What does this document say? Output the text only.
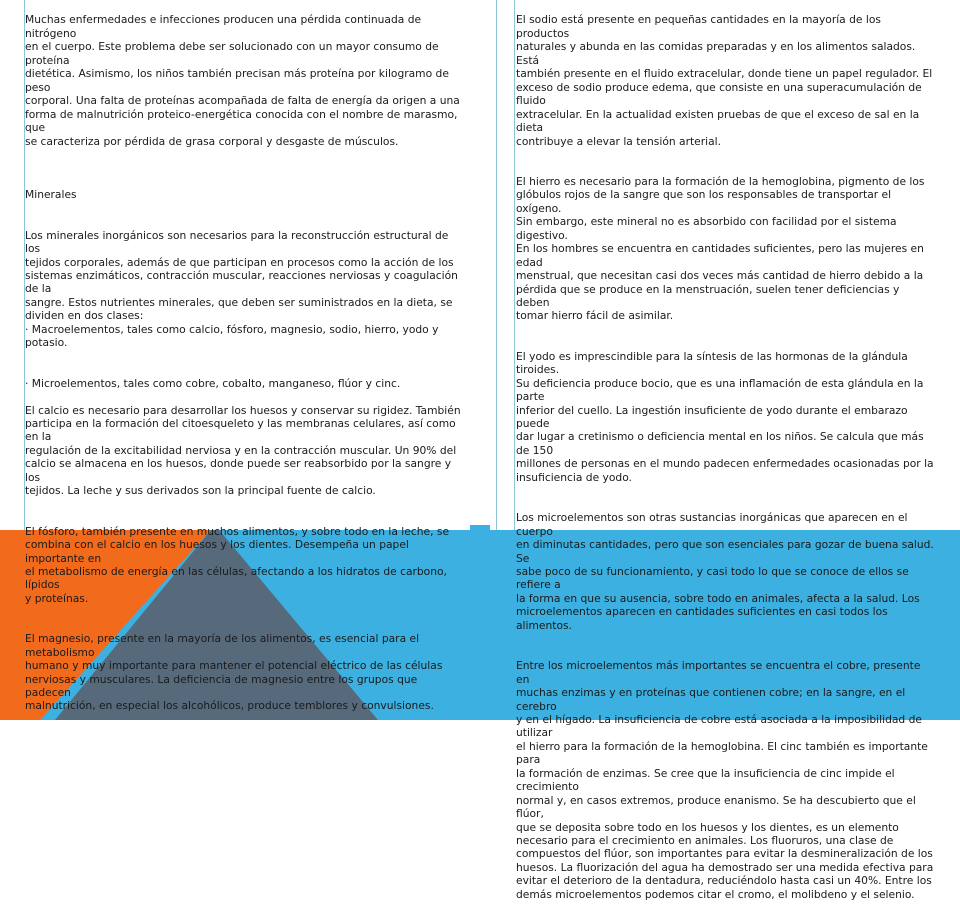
Muchas enfermedades e infecciones producen una pérdida continuada de nitrógeno
en el cuerpo. Este problema debe ser solucionado con un mayor consumo de proteína
dietética. Asimismo, los niños también precisan más proteína por kilogramo de peso
corporal. Una falta de proteínas acompañada de falta de energía da origen a una
forma de malnutrición proteico-energética conocida con el nombre de marasmo, que
se caracteriza por pérdida de grasa corporal y desgaste de músculos.

Minerales

Los minerales inorgánicos son necesarios para la reconstrucción estructural de los
tejidos corporales, además de que participan en procesos como la acción de los
sistemas enzimáticos, contracción muscular, reacciones nerviosas y coagulación de la
sangre. Estos nutrientes minerales, que deben ser suministrados en la dieta, se
dividen en dos clases:
· Macroelementos, tales como calcio, fósforo, magnesio, sodio, hierro, yodo y
potasio.

· Microelementos, tales como cobre, cobalto, manganeso, flúor y cinc.

El calcio es necesario para desarrollar los huesos y conservar su rigidez. También
participa en la formación del citoesqueleto y las membranas celulares, así como en la
regulación de la excitabilidad nerviosa y en la contracción muscular. Un 90% del
calcio se almacena en los huesos, donde puede ser reabsorbido por la sangre y los
tejidos. La leche y sus derivados son la principal fuente de calcio.

El fósforo, también presente en muchos alimentos, y sobre todo en la leche, se
combina con el calcio en los huesos y los dientes. Desempeña un papel importante en
el metabolismo de energía en las células, afectando a los hidratos de carbono, lípidos
y proteínas.

El magnesio, presente en la mayoría de los alimentos, es esencial para el metabolismo
humano y muy importante para mantener el potencial eléctrico de las células
nerviosas y musculares. La deficiencia de magnesio entre los grupos que padecen
malnutrición, en especial los alcohólicos, produce temblores y convulsiones.

El sodio está presente en pequeñas cantidades en la mayoría de los productos
naturales y abunda en las comidas preparadas y en los alimentos salados. Está
también presente en el fluido extracelular, donde tiene un papel regulador. El
exceso de sodio produce edema, que consiste en una superacumulación de fluido
extracelular. En la actualidad existen pruebas de que el exceso de sal en la dieta
contribuye a elevar la tensión arterial.

El hierro es necesario para la formación de la hemoglobina, pigmento de los
glóbulos rojos de la sangre que son los responsables de transportar el oxígeno.
Sin embargo, este mineral no es absorbido con facilidad por el sistema digestivo.
En los hombres se encuentra en cantidades suficientes, pero las mujeres en edad
menstrual, que necesitan casi dos veces más cantidad de hierro debido a la
pérdida que se produce en la menstruación, suelen tener deficiencias y deben
tomar hierro fácil de asimilar.

El yodo es imprescindible para la síntesis de las hormonas de la glándula tiroides.
Su deficiencia produce bocio, que es una inflamación de esta glándula en la parte
inferior del cuello. La ingestión insuficiente de yodo durante el embarazo puede
dar lugar a cretinismo o deficiencia mental en los niños. Se calcula que más de 150
millones de personas en el mundo padecen enfermedades ocasionadas por la
insuficiencia de yodo.

Los microelementos son otras sustancias inorgánicas que aparecen en el cuerpo
en diminutas cantidades, pero que son esenciales para gozar de buena salud. Se
sabe poco de su funcionamiento, y casi todo lo que se conoce de ellos se refiere a
la forma en que su ausencia, sobre todo en animales, afecta a la salud. Los
microelementos aparecen en cantidades suficientes en casi todos los alimentos.

Entre los microelementos más importantes se encuentra el cobre, presente en
muchas enzimas y en proteínas que contienen cobre; en la sangre, en el cerebro
y en el hígado. La insuficiencia de cobre está asociada a la imposibilidad de utilizar
el hierro para la formación de la hemoglobina. El cinc también es importante para
la formación de enzimas. Se cree que la insuficiencia de cinc impide el crecimiento
normal y, en casos extremos, produce enanismo. Se ha descubierto que el flúor,
que se deposita sobre todo en los huesos y los dientes, es un elemento
necesario para el crecimiento en animales. Los fluoruros, una clase de
compuestos del flúor, son importantes para evitar la desmineralización de los
huesos. La fluorización del agua ha demostrado ser una medida efectiva para
evitar el deterioro de la dentadura, reduciéndolo hasta casi un 40%. Entre los
demás microelementos podemos citar el cromo, el molibdeno y el selenio.
